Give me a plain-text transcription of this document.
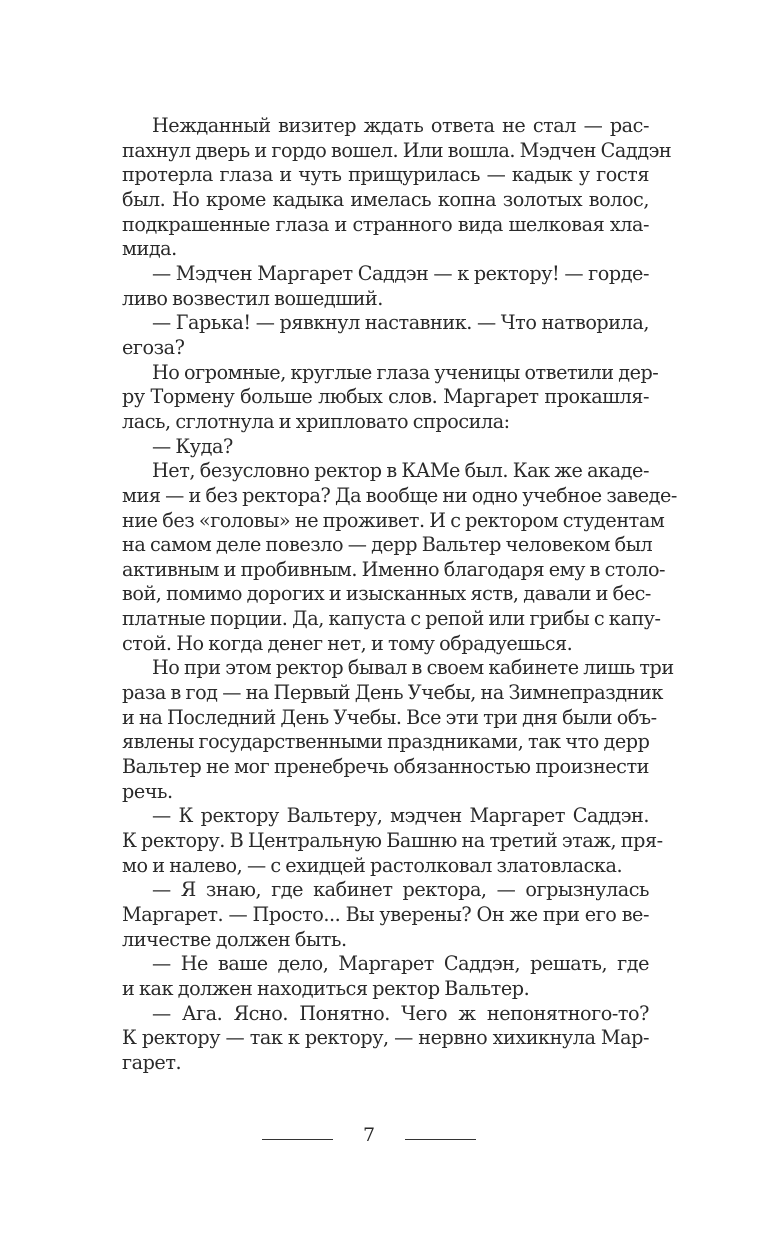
Нежданный визитер ждать ответа не стал — рас-
пахнул дверь и гордо вошел. Или вошла. Мэдчен Саддэн
протерла глаза и чуть прищурилась — кадык у гостя
был. Но кроме кадыка имелась копна золотых волос,
подкрашенные глаза и странного вида шелковая хла-
мида.
— Мэдчен Маргарет Саддэн — к ректору! — горде-
ливо возвестил вошедший.
— Гарька! — рявкнул наставник. — Что натворила,
егоза?
Но огромные, круглые глаза ученицы ответили дер-
ру Тормену больше любых слов. Маргарет прокашля-
лась, сглотнула и хрипловато спросила:
— Куда?
Нет, безусловно ректор в КАМе был. Как же акаде-
мия — и без ректора? Да вообще ни одно учебное заведе-
ние без «головы» не проживет. И с ректором студентам
на самом деле повезло — дерр Вальтер человеком был
активным и пробивным. Именно благодаря ему в столо-
вой, помимо дорогих и изысканных яств, давали и бес-
платные порции. Да, капуста с репой или грибы с капу-
стой. Но когда денег нет, и тому обрадуешься.
Но при этом ректор бывал в своем кабинете лишь три
раза в год — на Первый День Учебы, на Зимнепраздник
и на Последний День Учебы. Все эти три дня были объ-
явлены государственными праздниками, так что дерр
Вальтер не мог пренебречь обязанностью произнести
речь.
— К ректору Вальтеру, мэдчен Маргарет Саддэн.
К ректору. В Центральную Башню на третий этаж, пря-
мо и налево, — с ехидцей растолковал златовласка.
— Я знаю, где кабинет ректора, — огрызнулась
Маргарет. — Просто... Вы уверены? Он же при его ве-
личестве должен быть.
— Не ваше дело, Маргарет Саддэн, решать, где
и как должен находиться ректор Вальтер.
— Ага. Ясно. Понятно. Чего ж непонятного-то?
К ректору — так к ректору, — нервно хихикнула Мар-
гарет.
7
